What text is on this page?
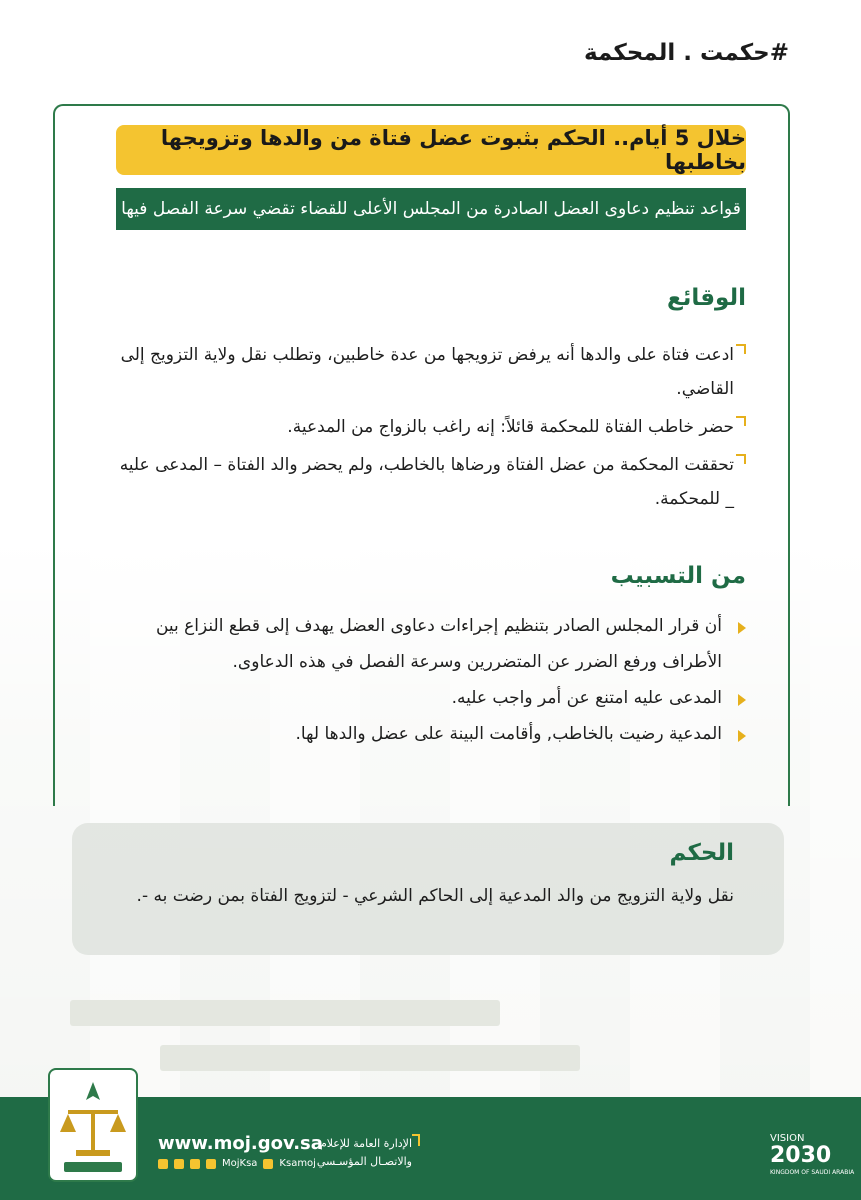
#حكمت . المحكمة
خلال 5 أيام.. الحكم بثبوت عضل فتاة من والدها وتزويجها بخاطبها
قواعد تنظيم دعاوى العضل الصادرة من المجلس الأعلى للقضاء تقضي سرعة الفصل فيها
الوقائع

ادعت فتاة على والدها أنه يرفض تزويجها من عدة خاطبين، وتطلب نقل ولاية التزويج إلى القاضي.

حضر خاطب الفتاة للمحكمة قائلاً: إنه راغب بالزواج من المدعية.

تحققت المحكمة من عضل الفتاة ورضاها بالخاطب، ولم يحضر والد الفتاة – المدعى عليه _ للمحكمة.

من التسبيب
أن قرار المجلس الصادر بتنظيم إجراءات دعاوى العضل يهدف إلى قطع النزاع بين الأطراف ورفع الضرر عن المتضررين وسرعة الفصل في هذه الدعاوى.
المدعى عليه امتنع عن أمر واجب عليه.
المدعية رضيت بالخاطب, وأقامت البينة على عضل والدها لها.
الحكم

نقل ولاية التزويج من والد المدعية إلى الحاكم الشرعي - لتزويج الفتاة بمن رضت به -.

www.moj.gov.sa
MojKsa Ksamoj
الإدارة العامة للإعلام
والاتصـال المؤسـسي
VISION
2030
KINGDOM OF SAUDI ARABIA
